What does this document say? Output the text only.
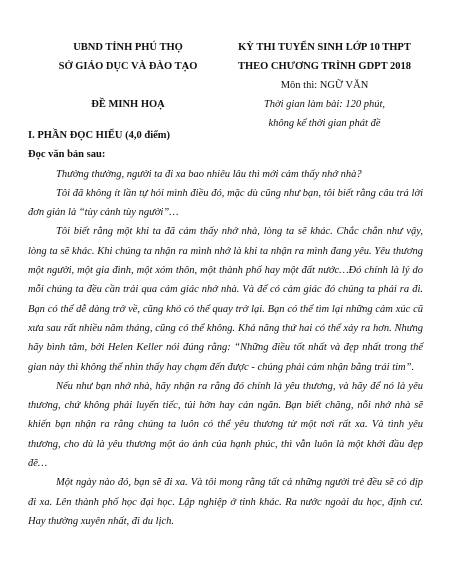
UBND TỈNH PHÚ THỌ
SỞ GIÁO DỤC VÀ ĐÀO TẠO
ĐỀ MINH HOẠ
KỲ THI TUYỂN SINH LỚP 10 THPT
THEO CHƯƠNG TRÌNH GDPT 2018
Môn thi: NGỮ VĂN
Thời gian làm bài: 120 phút,
không kể thời gian phát đề

I. PHẦN ĐỌC HIỂU (4,0 điểm)

Đọc văn bản sau:

Thường thường, người ta đi xa bao nhiêu lâu thì mới cảm thấy nhớ nhà?

Tôi đã không ít lần tự hỏi mình điều đó, mặc dù cũng như bạn, tôi biết rằng câu trả lời đơn giản là “tùy cảnh tùy người”…

Tôi biết rằng một khi ta đã cảm thấy nhớ nhà, lòng ta sẽ khác. Chắc chắn như vậy, lòng ta sẽ khác. Khi chúng ta nhận ra mình nhớ là khi ta nhận ra mình đang yêu. Yêu thương một người, một gia đình, một xóm thôn, một thành phố hay một đất nước…Đó chính là lý do mỗi chúng ta đều cần trải qua cảm giác nhớ nhà. Và để có cảm giác đó chúng ta phải ra đi. Bạn có thể dễ dàng trở về, cũng khó có thể quay trở lại. Bạn có thể tìm lại những cảm xúc cũ xưa sau rất nhiều năm tháng, cũng có thể không. Khả năng thứ hai có thể xảy ra hơn. Nhưng hãy bình tâm, bởi Helen Keller nói đúng rằng: “Những điều tốt nhất và đẹp nhất trong thế gian này thì không thể nhìn thấy hay chạm đến được - chúng phải cảm nhận bằng trái tim”.

Nếu như bạn nhớ nhà, hãy nhận ra rằng đó chính là yêu thương, và hãy để nó là yêu thương, chứ không phải luyến tiếc, tủi hờn hay cản ngăn. Bạn biết chăng, nỗi nhớ nhà sẽ khiến bạn nhận ra rằng chúng ta luôn có thể yêu thương từ một nơi rất xa. Và tình yêu thương, cho dù là yêu thương một áo ảnh của hạnh phúc, thì vẫn luôn là một khởi đầu đẹp đẽ…

Một ngày nào đó, bạn sẽ đi xa. Và tôi mong rằng tất cả những người trẻ đều sẽ có dịp đi xa. Lên thành phố học đại học. Lập nghiệp ở tỉnh khác. Ra nước ngoài du học, định cư. Hay thường xuyên nhất, đi du lịch.
